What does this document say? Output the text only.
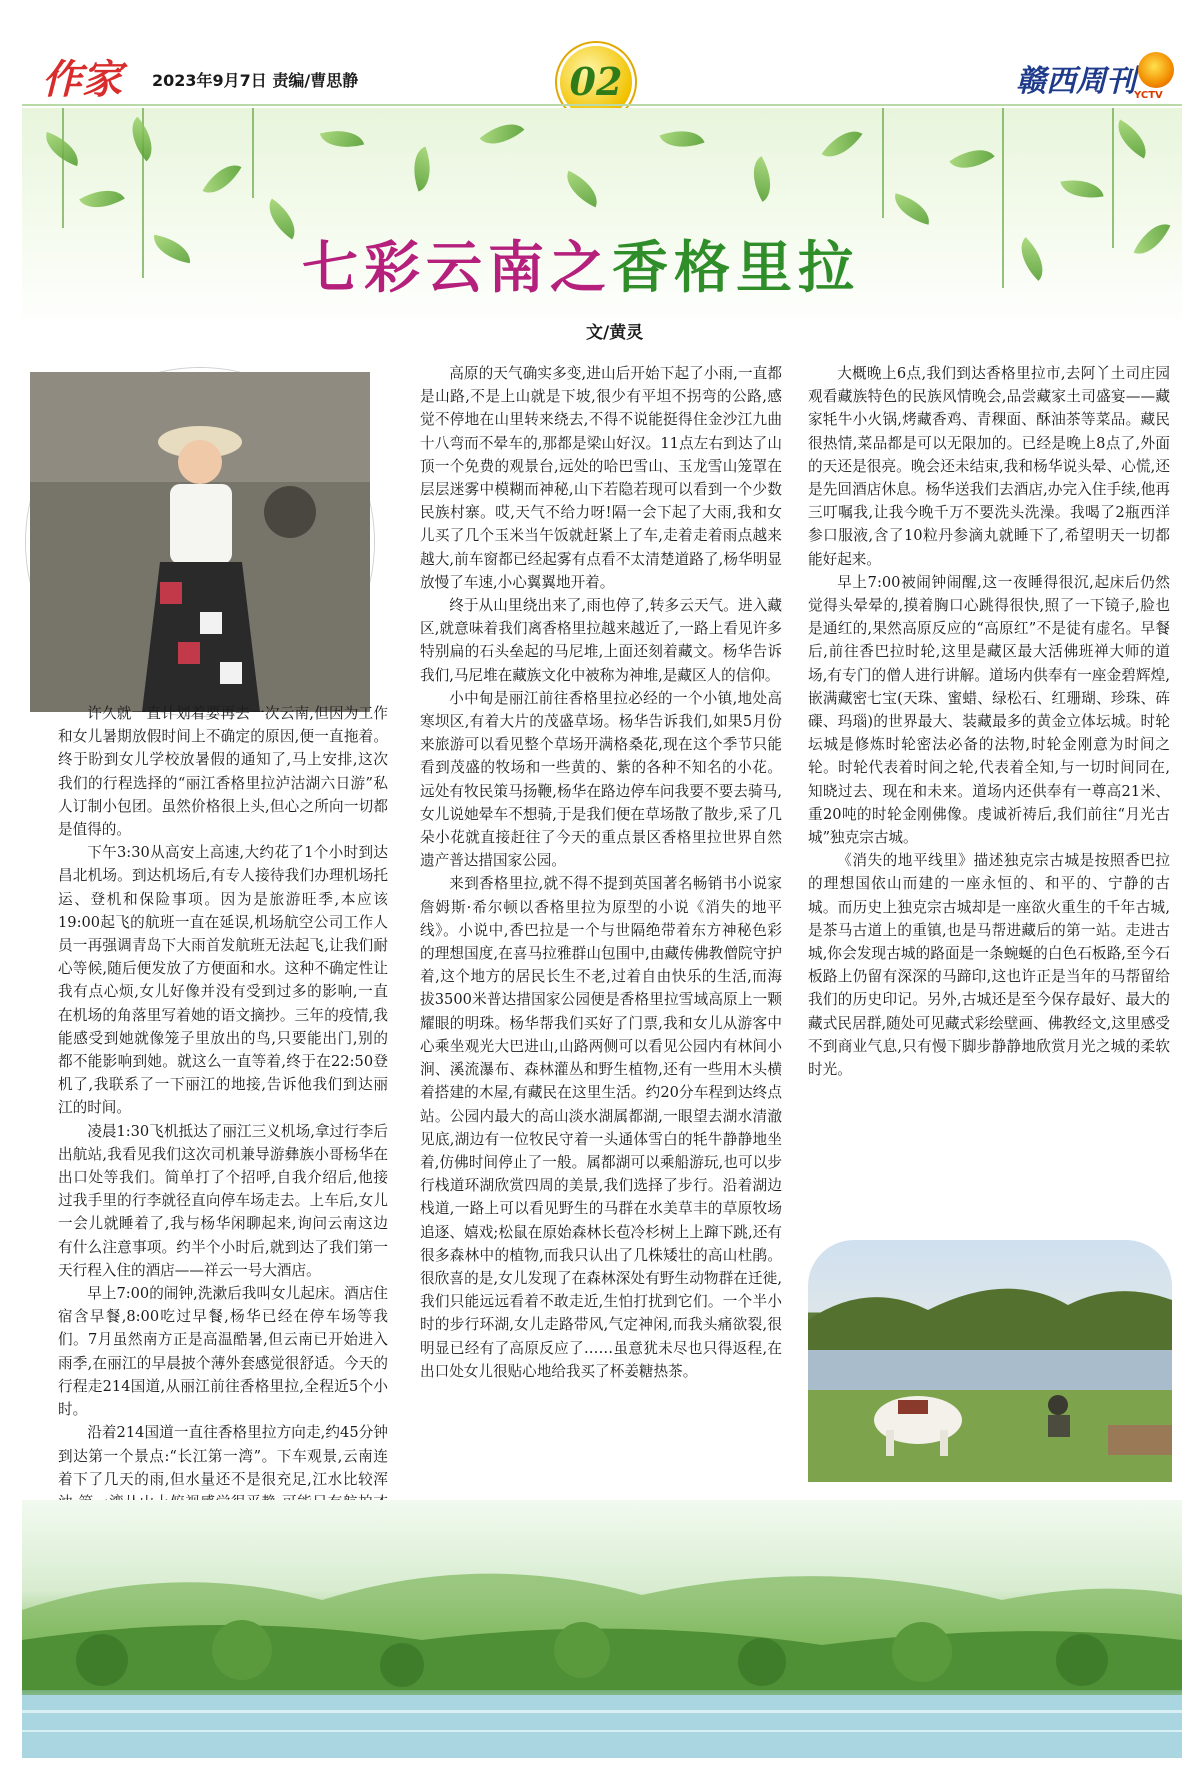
作家 2023年9月7日 责编/曹思静	02	赣西周刊
YCTV
七彩云南之香格里拉
文/黄灵

许久就一直计划着要再去一次云南,但因为工作和女儿暑期放假时间上不确定的原因,便一直拖着。终于盼到女儿学校放暑假的通知了,马上安排,这次我们的行程选择的“丽江香格里拉泸沽湖六日游”私人订制小包团。虽然价格很上头,但心之所向一切都是值得的。

下午3:30从高安上高速,大约花了1个小时到达昌北机场。到达机场后,有专人接待我们办理机场托运、登机和保险事项。因为是旅游旺季,本应该19:00起飞的航班一直在延误,机场航空公司工作人员一再强调青岛下大雨首发航班无法起飞,让我们耐心等候,随后便发放了方便面和水。这种不确定性让我有点心烦,女儿好像并没有受到过多的影响,一直在机场的角落里写着她的语文摘抄。三年的疫情,我能感受到她就像笼子里放出的鸟,只要能出门,别的都不能影响到她。就这么一直等着,终于在22:50登机了,我联系了一下丽江的地接,告诉他我们到达丽江的时间。

凌晨1:30飞机抵达了丽江三义机场,拿过行李后出航站,我看见我们这次司机兼导游彝族小哥杨华在出口处等我们。简单打了个招呼,自我介绍后,他接过我手里的行李就径直向停车场走去。上车后,女儿一会儿就睡着了,我与杨华闲聊起来,询问云南这边有什么注意事项。约半个小时后,就到达了我们第一天行程入住的酒店——祥云一号大酒店。

早上7:00的闹钟,洗漱后我叫女儿起床。酒店住宿含早餐,8:00吃过早餐,杨华已经在停车场等我们。7月虽然南方正是高温酷暑,但云南已开始进入雨季,在丽江的早晨披个薄外套感觉很舒适。今天的行程走214国道,从丽江前往香格里拉,全程近5个小时。

沿着214国道一直往香格里拉方向走,约45分钟到达第一个景点:“长江第一湾”。下车观景,云南连着下了几天的雨,但水量还不是很充足,江水比较浑

高原的天气确实多变,进山后开始下起了小雨,一直都是山路,不是上山就是下坡,很少有平坦不拐弯的公路,感觉不停地在山里转来绕去,不得不说能挺得住金沙江九曲十八弯而不晕车的,那都是梁山好汉。11点左右到达了山顶一个免费的观景台,远处的哈巴雪山、玉龙雪山笼罩在层层迷雾中模糊而神秘,山下若隐若现可以看到一个少数民族村寨。哎,天气不给力呀!隔一会下起了大雨,我和女儿买了几个玉米当午饭就赶紧上了车,走着走着雨点越来越大,前车窗都已经起雾有点看不太清楚道路了,杨华明显放慢了车速,小心翼翼地开着。

终于从山里绕出来了,雨也停了,转多云天气。进入藏区,就意味着我们离香格里拉越来越近了,一路上看见许多特别扁的石头垒起的马尼堆,上面还刻着藏文。杨华告诉我们,马尼堆在藏族文化中被称为神堆,是藏区人的信仰。

小中甸是丽江前往香格里拉必经的一个小镇,地处高寒坝区,有着大片的茂盛草场。杨华告诉我们,如果5月份来旅游可以看见整个草场开满格桑花,现在这个季节只能看到茂盛的牧场和一些黄的、紫的各种不知名的小花。远处有牧民策马扬鞭,杨华在路边停车问我要不要去骑马,女儿说她晕车不想骑,于是我们便在草场散了散步,采了几朵小花就直接赶往了今天的重点景区香格里拉世界自然遗产普达措国家公园。

来到香格里拉,就不得不提到英国著名畅销书小说家詹姆斯·希尔顿以香格里拉为原型的小说《消失的地平线》。小说中,香巴拉是一个与世隔绝带着东方神秘色彩的理想国度,在喜马拉雅群山包围中,由藏传佛教僧院守护着,这个地方的居民长生不老,过着自由快乐的生活,而海拔3500米普达措国家公园便是香格里拉雪域高原上一颗耀眼的明珠。杨华帮我们买好了门票,我和女儿从游客中心乘坐观光大巴进山,山路两侧可以看见公园内有林间小涧、溪流瀑布、森林灌丛和野生植物,还有一些用木头横着搭建的木屋,有藏民在这里生活。约20分车程到达终点站。公园内最大的高山淡水湖属都湖,一眼望去湖水清澈见底,湖边有一位牧民守着一头通体雪白的牦牛静静地坐着,仿佛时间停止了一般。属都湖可以乘船游玩,也可以步行栈道环湖欣赏四周的美景,我们选择了步行。沿着湖边栈道,一路上可以看见野生的马群在水美草丰的草原牧场追逐、嬉戏;松鼠在原始森林长苞冷杉树上上蹿下跳,还有很多森林中的植物,而我只认出了几株矮壮的高山杜鹃。很欣喜的是,女儿发现了在森林深处有野生动物群在迁徙,我们只能远远看着不敢走近,生怕打扰到它们。一个半小时的步行环湖,女儿走路带风,气定神闲,而我头痛欲裂,很明显已经有了高原反应了……虽意犹未尽也只得返程,在出口处女儿很贴心地给我买了杯姜糖热茶。

大概晚上6点,我们到达香格里拉市,去阿丫土司庄园观看藏族特色的民族风情晚会,品尝藏家土司盛宴——藏家牦牛小火锅,烤藏香鸡、青稞面、酥油茶等菜品。藏民很热情,菜品都是可以无限加的。已经是晚上8点了,外面的天还是很亮。晚会还未结束,我和杨华说头晕、心慌,还是先回酒店休息。杨华送我们去酒店,办完入住手续,他再三叮嘱我,让我今晚千万不要洗头洗澡。我喝了2瓶西洋参口服液,含了10粒丹参滴丸就睡下了,希望明天一切都能好起来。

早上7:00被闹钟闹醒,这一夜睡得很沉,起床后仍然觉得头晕晕的,摸着胸口心跳得很快,照了一下镜子,脸也是通红的,果然高原反应的“高原红”不是徒有虚名。早餐后,前往香巴拉时轮,这里是藏区最大活佛班禅大师的道场,有专门的僧人进行讲解。道场内供奉有一座金碧辉煌,嵌满藏密七宝(天珠、蜜蜡、绿松石、红珊瑚、珍珠、砗磲、玛瑙)的世界最大、装藏最多的黄金立体坛城。时轮坛城是修炼时轮密法必备的法物,时轮金刚意为时间之轮。时轮代表着时间之轮,代表着全知,与一切时间同在,知晓过去、现在和未来。道场内还供奉有一尊高21米、重20吨的时轮金刚佛像。虔诚祈祷后,我们前往“月光古城”独克宗古城。

《消失的地平线里》描述独克宗古城是按照香巴拉的理想国依山而建的一座永恒的、和平的、宁静的古城。而历史上独克宗古城却是一座欲火重生的千年古城,是茶马古道上的重镇,也是马帮进藏后的第一站。走进古城,你会发现古城的路面是一条蜿蜒的白色石板路,至今石板路上仍留有深深的马蹄印,这也许正是当年的马帮留给我们的历史印记。另外,古城还是至今保存最好、最大的藏式民居群,随处可见藏式彩绘壁画、佛教经文,这里感受不到商业气息,只有慢下脚步静静地欣赏月光之城的柔软时光。
